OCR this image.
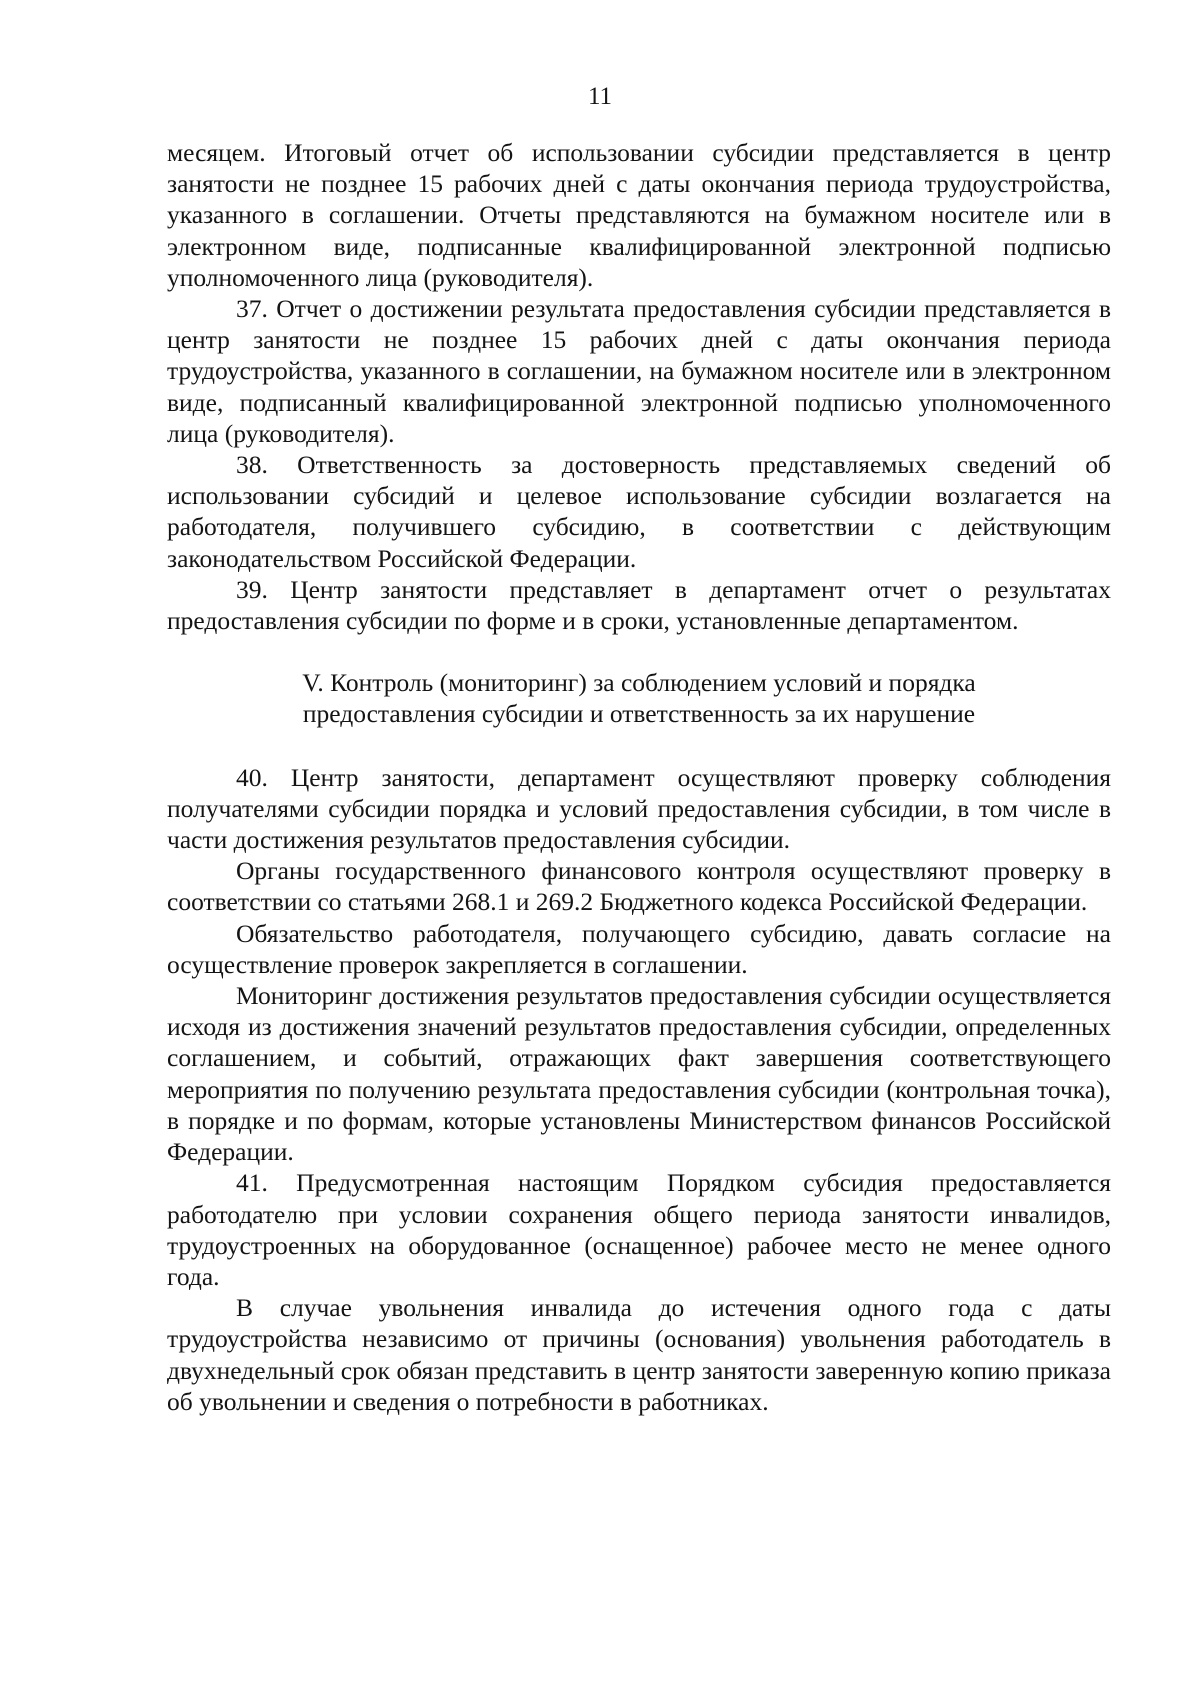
11

месяцем. Итоговый отчет об использовании субсидии представляется в центр занятости не позднее 15 рабочих дней с даты окончания периода трудоустройства, указанного в соглашении. Отчеты представляются на бумажном носителе или в электронном виде, подписанные квалифицированной электронной подписью уполномоченного лица (руководителя).

37. Отчет о достижении результата предоставления субсидии представляется в центр занятости не позднее 15 рабочих дней с даты окончания периода трудоустройства, указанного в соглашении, на бумажном носителе или в электронном виде, подписанный квалифицированной электронной подписью уполномоченного лица (руководителя).

38. Ответственность за достоверность представляемых сведений об использовании субсидий и целевое использование субсидии возлагается на работодателя, получившего субсидию, в соответствии с действующим законодательством Российской Федерации.

39. Центр занятости представляет в департамент отчет о результатах предоставления субсидии по форме и в сроки, установленные департаментом.

V. Контроль (мониторинг) за соблюдением условий и порядка
предоставления субсидии и ответственность за их нарушение

40. Центр занятости, департамент осуществляют проверку соблюдения получателями субсидии порядка и условий предоставления субсидии, в том числе в части достижения результатов предоставления субсидии.

Органы государственного финансового контроля осуществляют проверку в соответствии со статьями 268.1 и 269.2 Бюджетного кодекса Российской Федерации.

Обязательство работодателя, получающего субсидию, давать согласие на осуществление проверок закрепляется в соглашении.

Мониторинг достижения результатов предоставления субсидии осуществляется исходя из достижения значений результатов предоставления субсидии, определенных соглашением, и событий, отражающих факт завершения соответствующего мероприятия по получению результата предоставления субсидии (контрольная точка), в порядке и по формам, которые установлены Министерством финансов Российской Федерации.

41. Предусмотренная настоящим Порядком субсидия предоставляется работодателю при условии сохранения общего периода занятости инвалидов, трудоустроенных на оборудованное (оснащенное) рабочее место не менее одного года.

В случае увольнения инвалида до истечения одного года с даты трудоустройства независимо от причины (основания) увольнения работодатель в двухнедельный срок обязан представить в центр занятости заверенную копию приказа об увольнении и сведения о потребности в работниках.
